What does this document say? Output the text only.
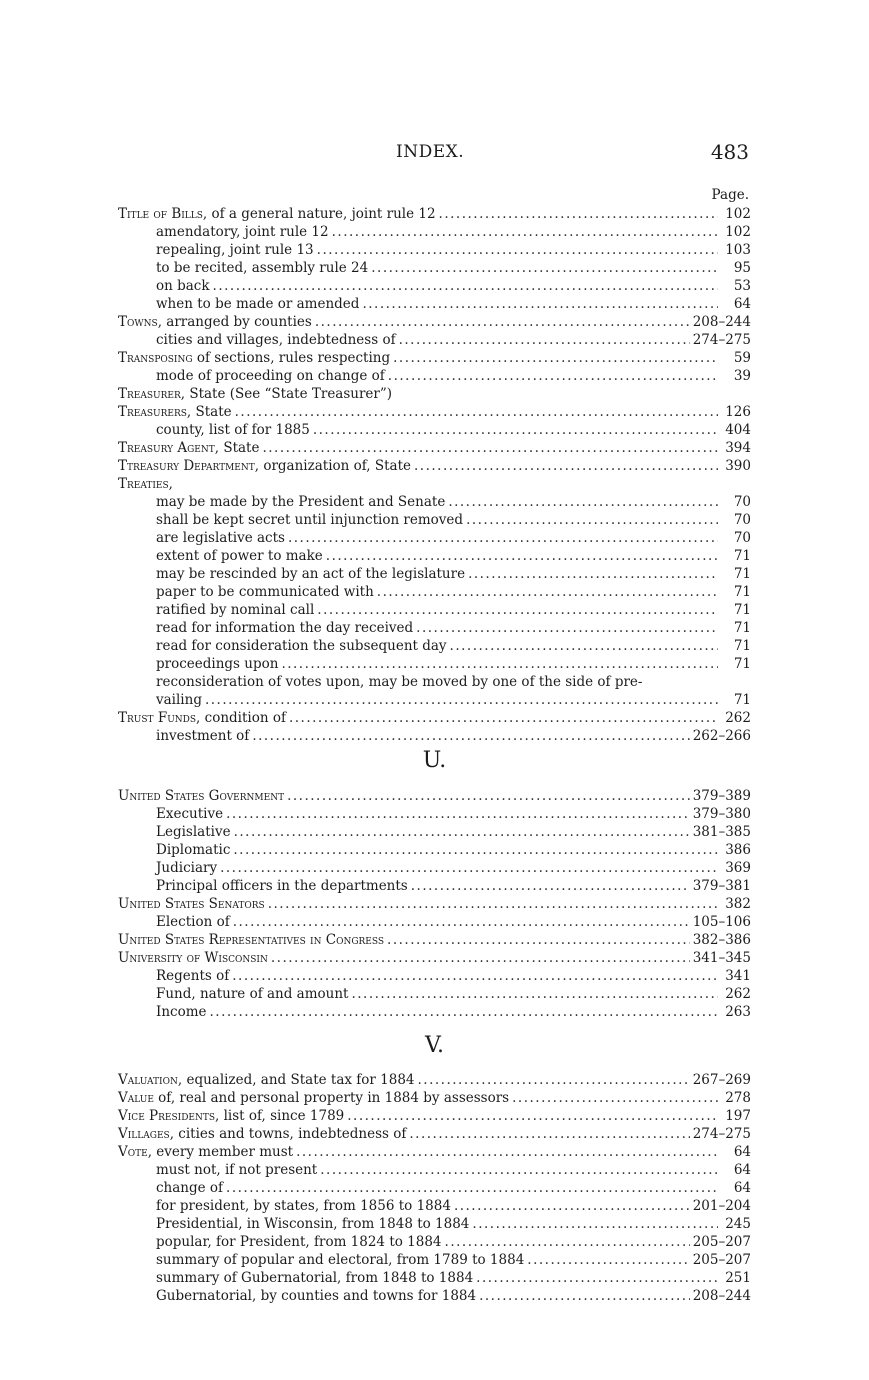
INDEX.	483
Page.
Title of Bills, of a general nature, joint rule 12 .....	102
amendatory, joint rule 12 .....	102
repealing, joint rule 13 .....	103
to be recited, assembly rule 24 .....	95
on back .....	53
when to be made or amended .....	64
Towns, arranged by counties .....	208–244
cities and villages, indebtedness of .....	274–275
Transposing of sections, rules respecting .....	59
mode of proceeding on change of .....	39
Treasurer, State (See “State Treasurer”)
Treasurers, State .....	126
county, list of for 1885 .....	404
Treasury Agent, State .....	394
Ttreasury Department, organization of, State .....	390
Treaties,
may be made by the President and Senate .....	70
shall be kept secret until injunction removed .....	70
are legislative acts .....	70
extent of power to make .....	71
may be rescinded by an act of the legislature .....	71
paper to be communicated with .....	71
ratified by nominal call .....	71
read for information the day received .....	71
read for consideration the subsequent day .....	71
proceedings upon .....	71
reconsideration of votes upon, may be moved by one of the side of pre-
vailing .....	71
Trust Funds, condition of .....	262
investment of .....	262–266
U.
United States Government .....	379–389
Executive .....	379–380
Legislative .....	381–385
Diplomatic .....	386
Judiciary .....	369
Principal officers in the departments .....	379–381
United States Senators .....	382
Election of .....	105–106
United States Representatives in Congress .....	382–386
University of Wisconsin .....	341–345
Regents of .....	341
Fund, nature of and amount .....	262
Income .....	263
V.
Valuation, equalized, and State tax for 1884 .....	267–269
Value of, real and personal property in 1884 by assessors .....	278
Vice Presidents, list of, since 1789 .....	197
Villages, cities and towns, indebtedness of .....	274–275
Vote, every member must .....	64
must not, if not present .....	64
change of .....	64
for president, by states, from 1856 to 1884 .....	201–204
Presidential, in Wisconsin, from 1848 to 1884 .....	245
popular, for President, from 1824 to 1884 .....	205–207
summary of popular and electoral, from 1789 to 1884 .....	205–207
summary of Gubernatorial, from 1848 to 1884 .....	251
Gubernatorial, by counties and towns for 1884 .....	208–244
